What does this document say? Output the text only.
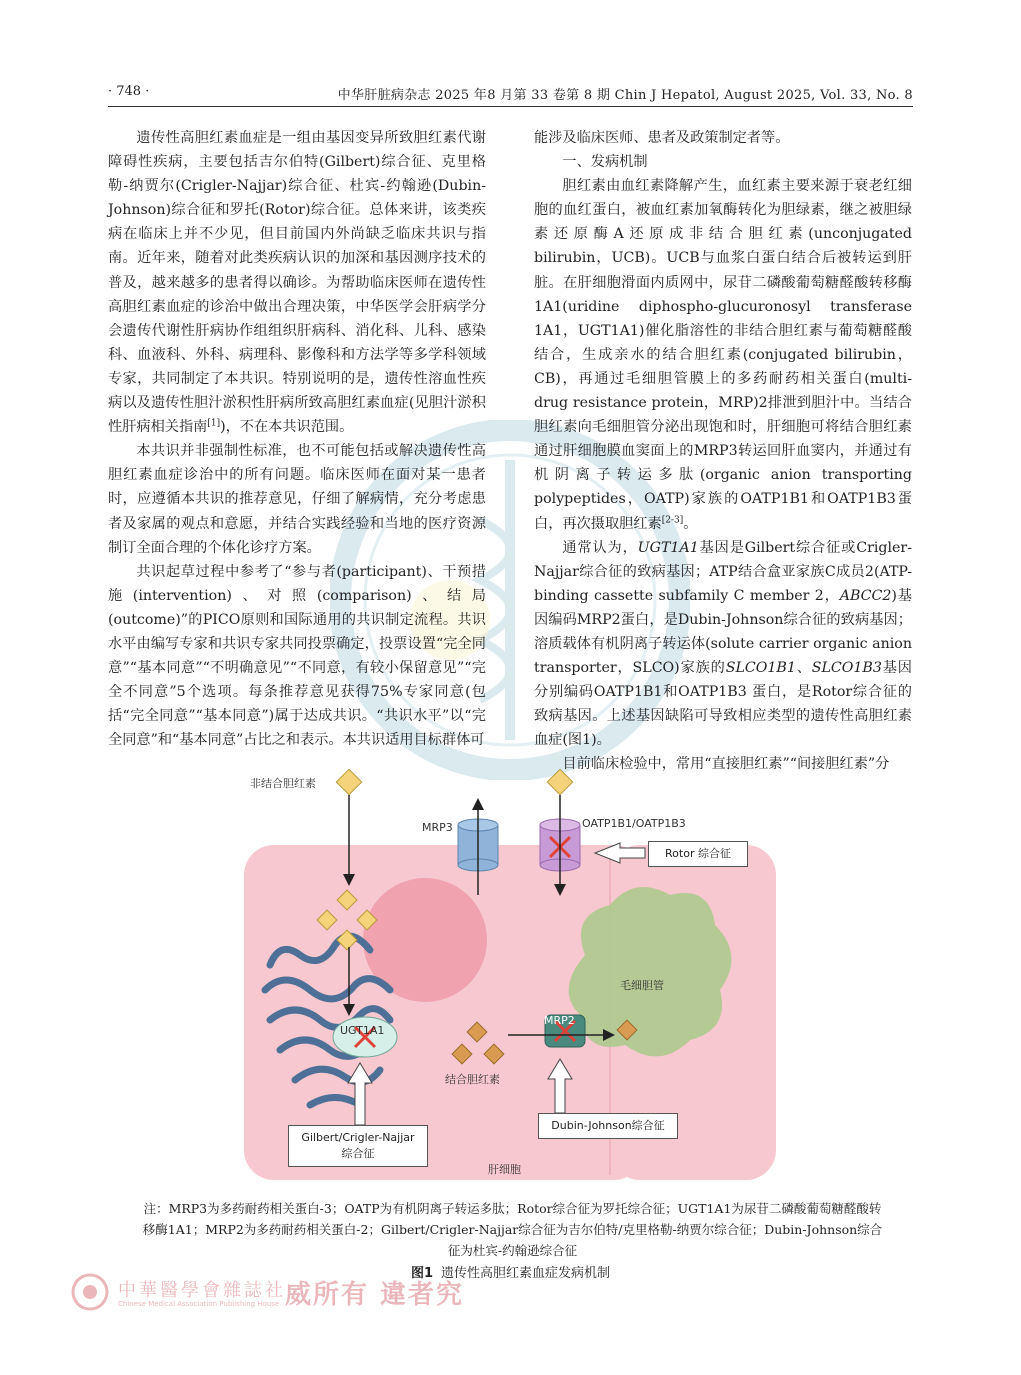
· 748 ·	中华肝脏病杂志 2025 年8 月第 33 卷第 8 期 Chin J Hepatol, August 2025, Vol. 33, No. 8

遗传性高胆红素血症是一组由基因变异所致胆红素代谢障碍性疾病，主要包括吉尔伯特(Gilbert)综合征、克里格勒-纳贾尔(Crigler-Najjar)综合征、杜宾-约翰逊(Dubin-Johnson)综合征和罗托(Rotor)综合征。总体来讲，该类疾病在临床上并不少见，但目前国内外尚缺乏临床共识与指南。近年来，随着对此类疾病认识的加深和基因测序技术的普及，越来越多的患者得以确诊。为帮助临床医师在遗传性高胆红素血症的诊治中做出合理决策，中华医学会肝病学分会遗传代谢性肝病协作组组织肝病科、消化科、儿科、感染科、血液科、外科、病理科、影像科和方法学等多学科领域专家，共同制定了本共识。特别说明的是，遗传性溶血性疾病以及遗传性胆汁淤积性肝病所致高胆红素血症(见胆汁淤积性肝病相关指南[1])，不在本共识范围。

本共识并非强制性标准，也不可能包括或解决遗传性高胆红素血症诊治中的所有问题。临床医师在面对某一患者时，应遵循本共识的推荐意见，仔细了解病情，充分考虑患者及家属的观点和意愿，并结合实践经验和当地的医疗资源制订全面合理的个体化诊疗方案。

共识起草过程中参考了“参与者(participant)、干预措施(intervention)、对照(comparison)、结局(outcome)”的PICO原则和国际通用的共识制定流程。共识水平由编写专家和共识专家共同投票确定，投票设置“完全同意”“基本同意”“不明确意见”“不同意，有较小保留意见”“完全不同意”5个选项。每条推荐意见获得75%专家同意(包括“完全同意”“基本同意”)属于达成共识。“共识水平”以“完全同意”和“基本同意”占比之和表示。本共识适用目标群体可

能涉及临床医师、患者及政策制定者等。

一、发病机制

胆红素由血红素降解产生，血红素主要来源于衰老红细胞的血红蛋白，被血红素加氧酶转化为胆绿素，继之被胆绿素还原酶A还原成非结合胆红素(unconjugated bilirubin，UCB)。UCB与血浆白蛋白结合后被转运到肝脏。在肝细胞滑面内质网中，尿苷二磷酸葡萄糖醛酸转移酶1A1(uridine diphospho-glucuronosyl transferase 1A1，UGT1A1)催化脂溶性的非结合胆红素与葡萄糖醛酸结合，生成亲水的结合胆红素(conjugated bilirubin，CB)，再通过毛细胆管膜上的多药耐药相关蛋白(multi-drug resistance protein，MRP)2排泄到胆汁中。当结合胆红素向毛细胆管分泌出现饱和时，肝细胞可将结合胆红素通过肝细胞膜血窦面上的MRP3转运回肝血窦内，并通过有机阴离子转运多肽(organic anion transporting polypeptides，OATP)家族的OATP1B1和OATP1B3蛋白，再次摄取胆红素[2-3]。

通常认为，UGT1A1基因是Gilbert综合征或Crigler-Najjar综合征的致病基因；ATP结合盒亚家族C成员2(ATP-binding cassette subfamily C member 2，ABCC2)基因编码MRP2蛋白，是Dubin-Johnson综合征的致病基因；溶质载体有机阴离子转运体(solute carrier organic anion transporter，SLCO)家族的SLCO1B1、SLCO1B3基因分别编码OATP1B1和OATP1B3 蛋白，是Rotor综合征的致病基因。上述基因缺陷可导致相应类型的遗传性高胆红素血症(图1)。

目前临床检验中，常用“直接胆红素”“间接胆红素”分

非结合胆红素
MRP3	OATP1B1/OATP1B3
Rotor 综合征
毛细胆管
UGT1A1
MRP2
结合胆红素
Gilbert/Crigler-Najjar
综合征
Dubin-Johnson综合征
肝细胞
注：MRP3为多药耐药相关蛋白-3；OATP为有机阴离子转运多肽；Rotor综合征为罗托综合征；UGT1A1为尿苷二磷酸葡萄糖醛酸转移酶1A1；MRP2为多药耐药相关蛋白-2；Gilbert/Crigler-Najjar综合征为吉尔伯特/克里格勒-纳贾尔综合征；Dubin-Johnson综合征为杜宾-约翰逊综合征
图1 遗传性高胆红素血症发病机制
中華醫學會雜誌社
Chinese Medical Association Publishing House 威所有 違者究
